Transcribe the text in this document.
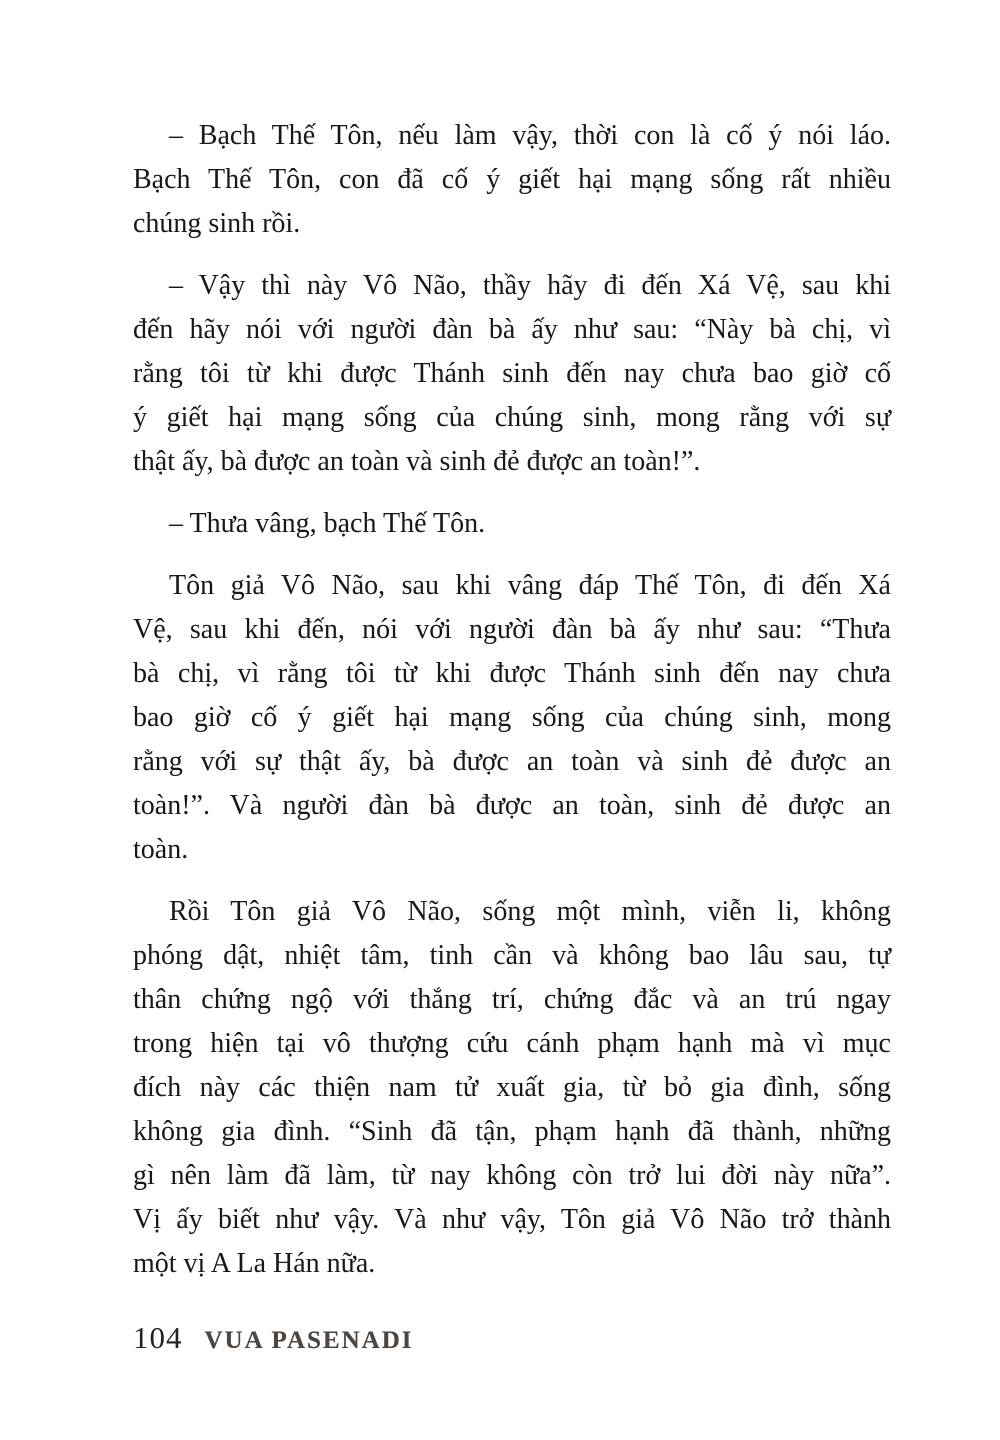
– Bạch Thế Tôn, nếu làm vậy, thời con là cố ý nói láo.
Bạch Thế Tôn, con đã cố ý giết hại mạng sống rất nhiều
chúng sinh rồi.
– Vậy thì này Vô Não, thầy hãy đi đến Xá Vệ, sau khi
đến hãy nói với người đàn bà ấy như sau: “Này bà chị, vì
rằng tôi từ khi được Thánh sinh đến nay chưa bao giờ cố
ý giết hại mạng sống của chúng sinh, mong rằng với sự
thật ấy, bà được an toàn và sinh đẻ được an toàn!”.
– Thưa vâng, bạch Thế Tôn.
Tôn giả Vô Não, sau khi vâng đáp Thế Tôn, đi đến Xá
Vệ, sau khi đến, nói với người đàn bà ấy như sau: “Thưa
bà chị, vì rằng tôi từ khi được Thánh sinh đến nay chưa
bao giờ cố ý giết hại mạng sống của chúng sinh, mong
rằng với sự thật ấy, bà được an toàn và sinh đẻ được an
toàn!”. Và người đàn bà được an toàn, sinh đẻ được an
toàn.
Rồi Tôn giả Vô Não, sống một mình, viễn li, không
phóng dật, nhiệt tâm, tinh cần và không bao lâu sau, tự
thân chứng ngộ với thắng trí, chứng đắc và an trú ngay
trong hiện tại vô thượng cứu cánh phạm hạnh mà vì mục
đích này các thiện nam tử xuất gia, từ bỏ gia đình, sống
không gia đình. “Sinh đã tận, phạm hạnh đã thành, những
gì nên làm đã làm, từ nay không còn trở lui đời này nữa”.
Vị ấy biết như vậy. Và như vậy, Tôn giả Vô Não trở thành
một vị A La Hán nữa.
104 VUA PASENADI
